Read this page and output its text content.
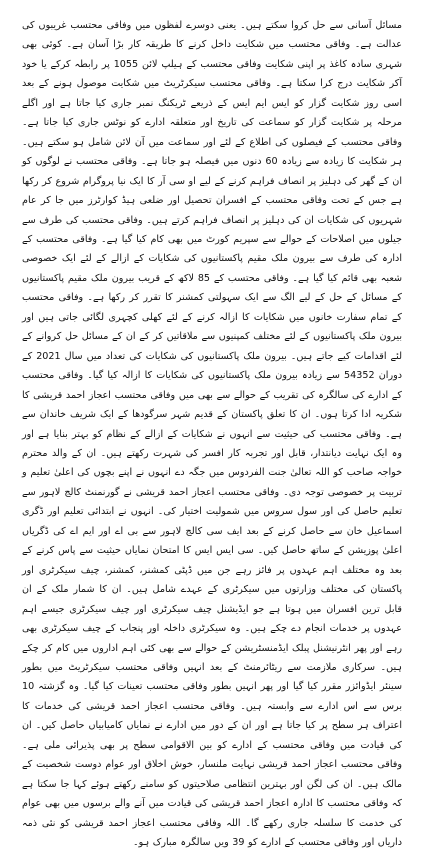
مسائل آسانی سے حل کروا سکتے ہیں۔ یعنی دوسرے لفظوں میں وفاقی محتسب غریبوں کی عدالت ہے۔ وفاقی محتسب میں شکایت داخل کرنے کا طریقہ کار بڑا آسان ہے۔ کوئی بھی شہری سادہ کاغذ پر اپنی شکایت وفاقی محتسب کے ہیلپ لائن 1055 پر رابطہ کرکے یا خود آکر شکایت درج کرا سکتا ہے۔ وفاقی محتسب سیکرٹریٹ میں شکایت موصول ہونے کے بعد اسی روز شکایت گزار کو ایس ایم ایس کے ذریعے ٹریکنگ نمبر جاری کیا جاتا ہے اور اگلے مرحلہ پر شکایت گزار کو سماعت کی تاریخ اور متعلقہ ادارے کو نوٹس جاری کیا جاتا ہے۔ وفاقی محتسب کے فیصلوں کی اطلاع کے لئے اور سماعت میں آن لائن شامل ہو سکتے ہیں۔ ہر شکایت کا زیادہ سے زیادہ 60 دنوں میں فیصلہ ہو جاتا ہے۔ وفاقی محتسب نے لوگوں کو ان کے گھر کی دہلیز پر انصاف فراہم کرنے کے لیے او سی آر کا ایک نیا پروگرام شروع کر رکھا ہے جس کے تحت وفاقی محتسب کے افسران تحصیل اور ضلعی ہیڈ کوارٹرز میں جا کر عام شہریوں کی شکایات ان کی دہلیز پر انصاف فراہم کرتے ہیں۔ وفاقی محتسب کی طرف سے جیلوں میں اصلاحات کے حوالے سے سپریم کورٹ میں بھی کام کیا گیا ہے۔ وفاقی محتسب کے ادارہ کی طرف سے بیرون ملک مقیم پاکستانیوں کی شکایات کے ازالے کے لئے ایک خصوصی شعبہ بھی قائم کیا گیا ہے۔ وفاقی محتسب کے 85 لاکھ کے قریب بیرون ملک مقیم پاکستانیوں کے مسائل کے حل کے لیے الگ سے ایک سہولتی کمشنر کا تقرر کر رکھا ہے۔ وفاقی محتسب کے تمام سفارت خانوں میں شکایات کا ازالہ کرنے کے لئے کھلی کچہری لگائی جاتی ہیں اور بیرون ملک پاکستانیوں کے لئے مختلف کمپنیوں سے ملاقاتیں کر کے ان کے مسائل حل کروانے کے لئے اقدامات کیے جاتے ہیں۔ بیرون ملک پاکستانیوں کی شکایات کی تعداد میں سال 2021 کے دوران 54352 سے زیادہ بیرون ملک پاکستانیوں کی شکایات کا ازالہ کیا گیا۔ وفاقی محتسب کے ادارے کی سالگرہ کی تقریب کے حوالے سے بھی میں وفاقی محتسب اعجاز احمد قریشی کا شکریہ ادا کرتا ہوں۔ ان کا تعلق پاکستان کے قدیم شہر سرگودھا کے ایک شریف خاندان سے ہے۔ وفاقی محتسب کی حیثیت سے انہوں نے شکایات کے ازالے کے نظام کو بہتر بنایا ہے اور وہ ایک نہایت دیانتدار، قابل اور تجربہ کار افسر کی شہرت رکھتے ہیں۔ ان کے والد محترم خواجہ صاحب کو اللہ تعالیٰ جنت الفردوس میں جگہ دے انہوں نے اپنے بچوں کی اعلیٰ تعلیم و تربیت پر خصوصی توجہ دی۔ وفاقی محتسب اعجاز احمد قریشی نے گورنمنٹ کالج لاہور سے تعلیم حاصل کی اور سول سروس میں شمولیت اختیار کی۔ انہوں نے ابتدائی تعلیم اور ڈگری اسماعیل خان سے حاصل کرنے کے بعد ایف سی کالج لاہور سے بی اے اور ایم اے کی ڈگریاں اعلیٰ پوزیشن کے ساتھ حاصل کیں۔ سی ایس ایس کا امتحان نمایاں حیثیت سے پاس کرنے کے بعد وہ مختلف اہم عہدوں پر فائز رہے جن میں ڈپٹی کمشنر، کمشنر، چیف سیکرٹری اور پاکستان کی مختلف وزارتوں میں سیکرٹری کے عہدے شامل ہیں۔ ان کا شمار ملک کے ان قابل ترین افسران میں ہوتا ہے جو ایڈیشنل چیف سیکرٹری اور چیف سیکرٹری جیسے اہم عہدوں پر خدمات انجام دے چکے ہیں۔ وہ سیکرٹری داخلہ اور پنجاب کے چیف سیکرٹری بھی رہے اور پھر انٹرنیشنل پبلک ایڈمنسٹریشن کے حوالے سے بھی کئی اہم اداروں میں کام کر چکے ہیں۔ سرکاری ملازمت سے ریٹائرمنٹ کے بعد انہیں وفاقی محتسب سیکرٹریٹ میں بطور سینئر ایڈوائزر مقرر کیا گیا اور پھر انہیں بطور وفاقی محتسب تعینات کیا گیا۔ وہ گزشتہ 10 برس سے اس ادارے سے وابستہ ہیں۔ وفاقی محتسب اعجاز احمد قریشی کی خدمات کا اعتراف ہر سطح پر کیا جاتا ہے اور ان کے دور میں ادارے نے نمایاں کامیابیاں حاصل کیں۔ ان کی قیادت میں وفاقی محتسب کے ادارے کو بین الاقوامی سطح پر بھی پذیرائی ملی ہے۔ وفاقی محتسب اعجاز احمد قریشی نہایت ملنسار، خوش اخلاق اور عوام دوست شخصیت کے مالک ہیں۔ ان کی لگن اور بہترین انتظامی صلاحیتوں کو سامنے رکھتے ہوئے کہا جا سکتا ہے کہ وفاقی محتسب کا ادارہ اعجاز احمد قریشی کی قیادت میں آنے والے برسوں میں بھی عوام کی خدمت کا سلسلہ جاری رکھے گا۔ اللہ وفاقی محتسب اعجاز احمد قریشی کو نئی ذمہ داریاں اور وفاقی محتسب کے ادارے کو 39 ویں سالگرہ مبارک ہو۔
